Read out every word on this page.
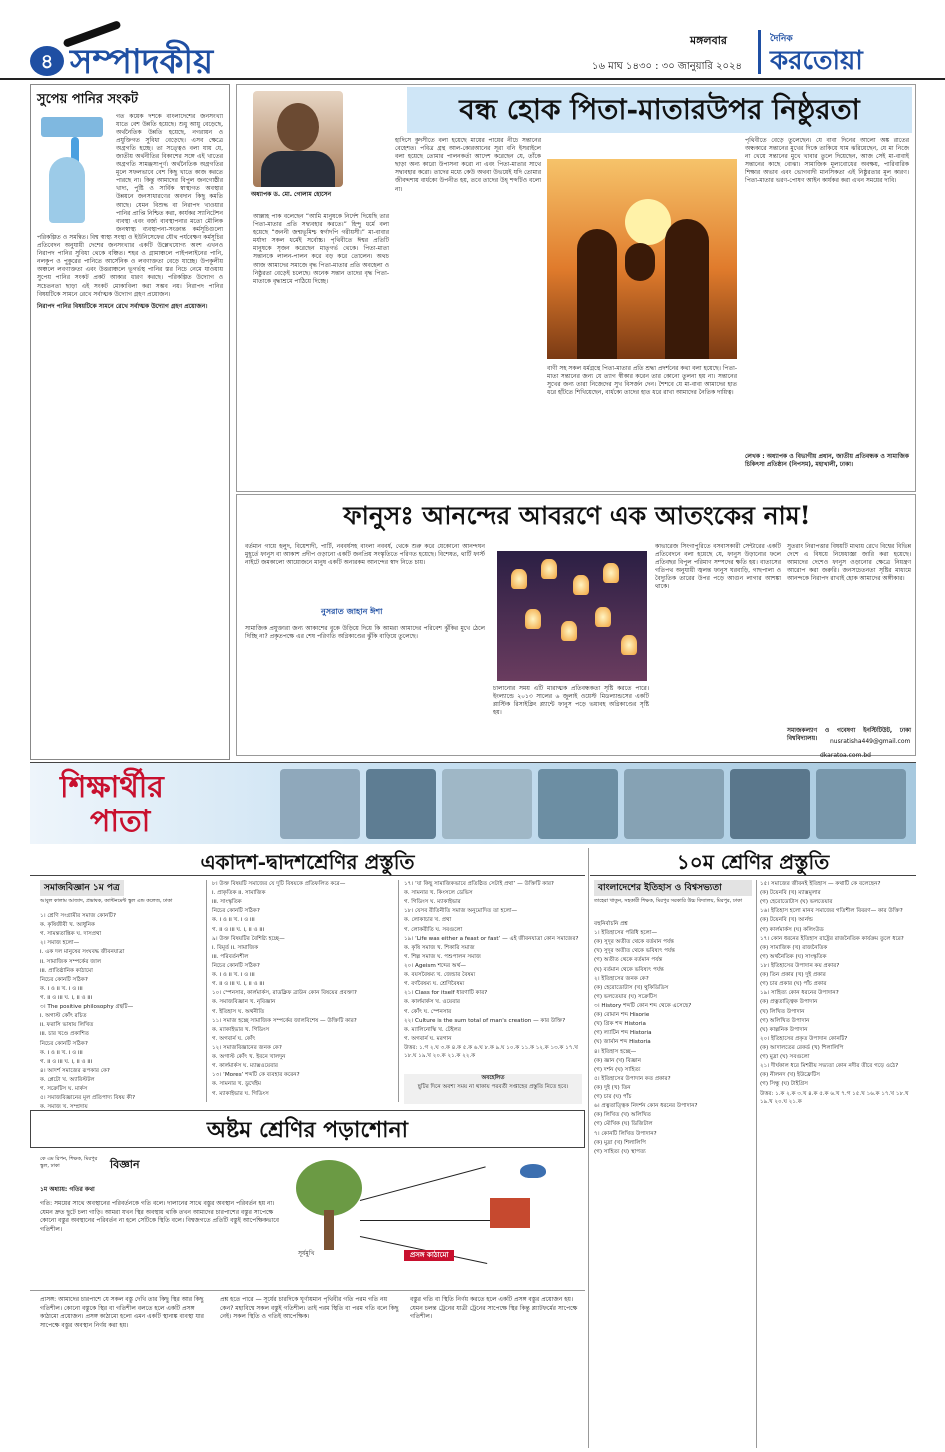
৪ সম্পাদকীয়
মঙ্গলবার
১৬ মাঘ ১৪৩০ : ৩০ জানুয়ারি ২০২৪
দৈনিক
করতোয়া
সুপেয় পানির সংকট
গত কয়েক দশকে বাংলাদেশের জনসংখ্যা যাতে বেশ উন্নতি হয়েছে। শুধু আয়ু বেড়েছে, অর্থনৈতিক উন্নতি হয়েছে, নগরায়ন ও প্রযুক্তিগত সুবিধা বেড়েছে। এসব ক্ষেত্রে অগ্রগতি হচ্ছে। তা সত্ত্বেও বলা যায় যে, জাতীয় অর্থনীতির বিকাশের সঙ্গে এই খাতের অগ্রগতি সামঞ্জস্যপূর্ণ। অর্থনৈতিক অগ্রগতির মূলে সফলভাবে বেশ কিছু খাতে কাজ করতে পারছে না। কিন্তু আমাদের বিপুল জনগোষ্ঠীর খাদ্য, পুষ্টি ও সার্বিক স্বাস্থ্যগত অবস্থার উন্নয়নে জনসাধারণের অবদান কিছু কমতি আছে। যেমন বিশুদ্ধ বা নিরাপদ খাওয়ার পানির প্রাপ্তি নিশ্চিত করা, কার্যকর স্যানিটেশন ব্যবস্থা এবং বর্জ্য ব্যবস্থাপনার মতো মৌলিক জনস্বাস্থ্য ব্যবস্থাপনা-সংক্রান্ত কর্মসূচিগুলো পরিকল্পিত ও সমন্বিত। বিশ্ব স্বাস্থ্য সংস্থা ও ইউনিসেফের যৌথ পর্যবেক্ষণ কর্মসূচির প্রতিবেদন অনুযায়ী দেশের জনসংখ্যার একটি উল্লেখযোগ্য অংশ এখনও নিরাপদ পানির সুবিধা থেকে বঞ্চিত। শহর ও গ্রামাঞ্চলে পাইপলাইনের পানি, নলকূপ ও পুকুরের পানিতে আর্সেনিক ও লবণাক্ততা বেড়ে যাচ্ছে। উপকূলীয় অঞ্চলে লবণাক্ততা এবং উত্তরাঞ্চলে ভূগর্ভস্থ পানির স্তর নিচে নেমে যাওয়ায় সুপেয় পানির সংকট প্রকট আকার ধারণ করছে। পরিকল্পিত উদ্যোগ ও সচেতনতা ছাড়া এই সংকট মোকাবিলা করা সম্ভব নয়। নিরাপদ পানির বিষয়টিকে সামনে রেখে সর্বাত্মক উদ্যোগ গ্রহণ প্রয়োজন।
নিরাপদ পানির বিষয়টিকে সামনে রেখে সর্বাত্মক উদ্যোগ গ্রহণ প্রয়োজন।
অধ্যাপক ড. মো. গোলাম হোসেন
বন্ধ হোক পিতা-মাতারউপর নিষ্ঠুরতা
আল্লাহ পাক বলেছেন “আমি মানুষকে নির্দেশ দিয়েছি তার পিতা-মাতার প্রতি সদ্ব্যবহার করতে।” হিন্দু ধর্মে বলা হয়েছে “জননী জন্মভূমিশ্চ স্বর্গাদপি গরীয়সী।” মা-বাবার মর্যাদা সকল ধর্মেই সর্বোচ্চ। পৃথিবীতে ঈশ্বর প্রতিটি মানুষকে সৃজন করেছেন মাতৃগর্ভ থেকে। পিতা-মাতা সন্তানকে লালন-পালন করে বড় করে তোলেন। অথচ আজ আমাদের সমাজে বৃদ্ধ পিতা-মাতার প্রতি অবহেলা ও নিষ্ঠুরতা বেড়েই চলেছে। অনেক সন্তান তাদের বৃদ্ধ পিতা-মাতাকে বৃদ্ধাশ্রমে পাঠিয়ে দিচ্ছে।
হাদিসে কুদসীতে বলা হয়েছে মায়ের পায়ের নীচে সন্তানের বেহেশত। পবিত্র গ্রন্থ আল-কোরআনের সূরা বনি ইসরাইলে বলা হয়েছে তোমার পালনকর্তা আদেশ করেছেন যে, তাঁকে ছাড়া অন্য কারো উপাসনা করো না এবং পিতা-মাতার সাথে সদ্ব্যবহার করো। তাদের মধ্যে কেউ অথবা উভয়েই যদি তোমার জীবদ্দশায় বার্ধক্যে উপনীত হয়, তবে তাদের উহ্ শব্দটিও বলো না।
বাণী সহ সকল ধর্মগ্রন্থে পিতা-মাতার প্রতি শ্রদ্ধা প্রদর্শনের কথা বলা হয়েছে। পিতা-মাতা সন্তানের জন্য যে ত্যাগ স্বীকার করেন তার কোনো তুলনা হয় না। সন্তানের সুখের জন্য তারা নিজেদের সুখ বিসর্জন দেন। শৈশবে যে মা-বাবা আমাদের হাত ধরে হাঁটতে শিখিয়েছেন, বার্ধক্যে তাদের হাত ধরে রাখা আমাদের নৈতিক দায়িত্ব।
পৃথিবীতে বেড়ে তুলেছেন। যে বাবা দিনের আলো অঙ্ক রাতের অন্ধকারে সন্তানের মুখের দিকে তাকিয়ে ঘাম ঝরিয়েছেন, যে মা নিজে না খেয়ে সন্তানের মুখে খাবার তুলে দিয়েছেন, আজ সেই মা-বাবাই সন্তানের কাছে বোঝা। সামাজিক মূল্যবোধের অবক্ষয়, পারিবারিক শিক্ষার অভাব এবং ভোগবাদী মানসিকতা এই নিষ্ঠুরতার মূল কারণ। পিতা-মাতার ভরণ-পোষণ আইন কার্যকর করা এখন সময়ের দাবি।
লেখক : অধ্যাপক ও বিভাগীয় প্রধান, জাতীয় প্রতিবন্ধক ও সামাজিক চিকিৎসা প্রতিষ্ঠান (নিপসম), মহাখালী, ঢাকা।
ফানুসঃ আনন্দের আবরণে এক আতংকের নাম!
বর্তমান গায়ে হলুদ, বিয়েশাদী, পার্টি, নববর্ষসহ বাংলা নববর্ষ, থেকে শুরু করে যেকোনো আনন্দঘন মুহূর্তে ফানুস বা আকাশ প্রদীপ ওড়ানো একটি জনপ্রিয় সংস্কৃতিতে পরিণত হয়েছে। বিশেষত, থার্টি ফার্স্ট নাইটে জমকালো আয়োজনে মানুষ একটি অন্যরকম আনন্দের স্বাদ নিতে চায়।
নুসরাত জাহান ঈশা
সামাজিক প্রযুক্তারা জন্য আকাশের বুকে উড়িয়ে দিয়ে কি আমরা আমাদের পরিবেশ ঝুঁকির মুখে ঠেলে দিচ্ছি না? প্রকৃতপক্ষে এর শেষ পরিণতি অগ্নিকাণ্ডের ঝুঁকি বাড়িয়ে তুলেছে।
চালানোর সময় এটি মারাত্মক প্রতিবন্ধকতা সৃষ্টি করতে পারে। ইংল্যান্ডে ২০১৩ সালের ৬ জুলাই ওয়েস্ট মিডল্যান্ডসের একটি প্লাস্টিক রিসাইক্লিং প্ল্যান্টে ফানুস পড়ে ভয়াবহ অগ্নিকাণ্ডের সৃষ্টি হয়।
কাভারেজ সিংগাপুরিতে বসবাসকারী সেন্টারের একটি প্রতিবেদনে বলা হয়েছে যে, ফানুস উড়ানোর ফলে প্রতিবছর বিপুল পরিমাণ সম্পদের ক্ষতি হয়। বাতাসের গতিপথ অনুযায়ী জ্বলন্ত ফানুস ঘরবাড়ি, গাছপালা ও বৈদ্যুতিক তারের উপর পড়ে আগুন লাগার আশঙ্কা থাকে।
সুতরাং নিরাপত্তার বিষয়টি মাথায় রেখে বিশ্বের বিভিন্ন দেশে এ বিষয়ে নিষেধাজ্ঞা জারি করা হয়েছে। আমাদের দেশেও ফানুস ওড়ানোর ক্ষেত্রে নিয়ন্ত্রণ আরোপ করা জরুরি। জনসচেতনতা সৃষ্টির মাধ্যমে আনন্দকে নিরাপদ রাখাই হোক আমাদের অঙ্গীকার।
সমাজকল্যাণ ও গবেষণা ইনস্টিটিউট, ঢাকা বিশ্ববিদ্যালয়।	nusratisha449@gmail.com
dkaratoa.com.bd
শিক্ষার্থীর
পাতা
একাদশ-দ্বাদশশ্রেণির প্রস্তুতি
সমাজবিজ্ঞান ১ম পত্র
আবুল কালাম আজাদ, প্রভাষক, ক্যান্টনমেন্ট স্কুল এন্ড কলেজ, ঢাকা

১। শ্রেণি সংগ্রামীর সমাজ কোনটি?

ক. কৃষিজীবী খ. আধুনিক

গ. সামন্ততান্ত্রিক ঘ. দাসপ্রথা

২। সমাজ হলো—

i. এক দল মানুষের সংঘবদ্ধ জীবনযাত্রা

ii. সামাজিক সম্পর্কের জাল

iii. প্রাতিষ্ঠানিক কাঠামো

নিচের কোনটি সঠিক?

ক. i ও ii খ. i ও iii

গ. ii ও iii ঘ. i, ii ও iii

৩। The positive philosophy গ্রন্থটি—

i. অগাস্ট কোঁৎ রচিত

ii. ফরাসি ভাষায় লিখিত

iii. চার খণ্ডে প্রকাশিত

নিচের কোনটি সঠিক?

ক. i ও ii খ. i ও iii

গ. ii ও iii ঘ. i, ii ও iii

৪। আদর্শ সমাজের রূপকার কে?

ক. প্লেটো খ. অ্যারিস্টটল

গ. সক্রেটিস ঘ. মার্কস

৫। সমাজবিজ্ঞানের মূল প্রতিপাদ্য বিষয় কী?

ক. সমাজ খ. সম্প্রদায়

৮। উক্ত বিষয়টি সমাজের যে দুটি বিষয়কে প্রতিফলিত করে—

i. প্রাকৃতিক ii. সামাজিক

iii. সাংস্কৃতিক

নিচের কোনটি সঠিক?

ক. i ও ii খ. i ও iii

গ. ii ও iii ঘ. i, ii ও iii

৯। উক্ত বিষয়টির বৈশিষ্ট্য হচ্ছে—

i. বিমূর্ত ii. সামাজিক

iii. পরিবর্তনশীল

নিচের কোনটি সঠিক?

ক. i ও ii খ. i ও iii

গ. ii ও iii ঘ. i, ii ও iii

১০। স্পেনসার, কার্লমার্কস, রাডক্লিফ ব্রাউন কোন বিষয়ের প্রবক্তা?

ক. সমাজবিজ্ঞান খ. নৃবিজ্ঞান

গ. ইতিহাস ঘ. অর্থনীতি

১১। সমাজ হচ্ছে সামাজিক সম্পর্কের জালবিশেষ — উক্তিটি কার?

ক. ম্যাকাইভার খ. গিডিংস

গ. অগবার্ন ঘ. কোঁৎ

১২। সমাজবিজ্ঞানের জনক কে?

ক. অগাস্ট কোঁৎ খ. ইবনে খালদুন

গ. কার্লমার্কস ঘ. ম্যাক্সওয়েবার

১৩। ‘Mores’ শব্দটি কে ব্যবহার করেন?

ক. সামনার খ. ডুর্খেইম

গ. ম্যাকাইভার ঘ. গিডিংস

১৭। ‘যা কিছু সামাজিকভাবে প্রতিষ্ঠিত সেটাই প্রথা’ — উক্তিটি কার?

ক. সামনার খ. কিংসলে ডেভিস

গ. গিডিংস ঘ. ম্যাকাইভার

১৮। যেসব রীতিনীতি সমাজ অনুমোদিত তা হলো—

ক. লোকাচার খ. প্রথা

গ. লোকরীতি ঘ. সবগুলো

১৯। ‘Life was either a feast or fast’ — এই জীবনযাত্রা কোন সমাজের?

ক. কৃষি সমাজ খ. শিকারি সমাজ

গ. শিল্প সমাজ ঘ. পশুপালন সমাজ

২০। Ageism শব্দের অর্থ—

ক. বয়সবৈষম্য খ. জেন্ডার বৈষম্য

গ. বর্ণবৈষম্য ঘ. শ্রেণিবৈষম্য

২১। Class for itself ধারণাটি কার?

ক. কার্লমার্কস খ. ওয়েবার

গ. কোঁৎ ঘ. স্পেনসার

২২। Culture is the sum total of man's creation — কার উক্তি?

ক. ম্যালিনোস্কি খ. টেইলর

গ. অগবার্ন ঘ. মরগান

উত্তর: ১.গ ২.ঘ ৩.ক ৪.ক ৫.ক ৬.ঘ ৮.ক ৯.ঘ ১০.ক ১১.ক ১২.ক ১৩.ক ১৭.খ ১৮.ঘ ১৯.খ ২০.ক ২১.ক ২২.ক

অবহেলিত

ছুটির দিনে অবশ্য সময় না থাকায় পরবর্তী সপ্তাহের প্রস্তুতি নিতে হবে।

১০ম শ্রেণির প্রস্তুতি
বাংলাদেশের ইতিহাস ও বিশ্বসভ্যতা
তাহেরা খাতুন, সহকারী শিক্ষক, মিরপুর সরকারি উচ্চ বিদ্যালয়, মিরপুর, ঢাকা

বহুনির্বাচনি প্রশ্ন

১। ইতিহাসের পরিধি হলো—

(ক) সুদূর অতীত থেকে বর্তমান পর্যন্ত

(খ) সুদূর অতীত থেকে ভবিষ্যৎ পর্যন্ত

(গ) অতীত থেকে বর্তমান পর্যন্ত

(ঘ) বর্তমান থেকে ভবিষ্যৎ পর্যন্ত

২। ইতিহাসের জনক কে?

(ক) হেরোডোটাস (খ) থুকিডিডিস

(গ) ভলতেয়ার (ঘ) সক্রেটিস

৩। History শব্দটি কোন শব্দ থেকে এসেছে?

(ক) রোমান শব্দ Hisorie

(খ) গ্রিক শব্দ Historia

(গ) ল্যাটিন শব্দ Historia

(ঘ) জার্মান শব্দ Historia

৪। ইতিহাস হচ্ছে—

(ক) জ্ঞান (খ) বিজ্ঞান

(গ) দর্শন (ঘ) সাহিত্য

৫। ইতিহাসের উপাদান কত প্রকার?

(ক) দুই (খ) তিন

(গ) চার (ঘ) পাঁচ

৬। প্রত্নতাত্ত্বিক নিদর্শন কোন ধরনের উপাদান?

(ক) লিখিত (খ) অলিখিত

(গ) মৌখিক (ঘ) ডিজিটাল

৭। কোনটি লিখিত উপাদান?

(ক) মুদ্রা (খ) শিলালিপি

(গ) সাহিত্য (ঘ) স্থাপত্য

১৫। সমাজের জীবনই ইতিহাস — কথাটি কে বলেছেন?

(ক) টয়েনবি (খ) ম্যাক্সমুলার

(গ) হেরোডোটাস (ঘ) ভলতেয়ার

১৬। ইতিহাস হলো মানব সমাজের গতিশীল বিবরণ— কার উক্তি?

(ক) টয়েনবি (খ) আর্নল্ড

(গ) কার্লমার্কস (ঘ) কলিংউড

১৭। কোন ধরনের ইতিহাস রাষ্ট্রের রাজনৈতিক কার্যক্রম তুলে ধরে?

(ক) সামাজিক (খ) রাজনৈতিক

(গ) অর্থনৈতিক (ঘ) সাংস্কৃতিক

১৮। ইতিহাসের উপাদান কয় প্রকার?

(ক) তিন প্রকার (খ) দুই প্রকার

(গ) চার প্রকার (ঘ) পাঁচ প্রকার

১৯। সাহিত্য কোন ধরনের উপাদান?

(ক) প্রত্নতাত্ত্বিক উপাদান

(খ) লিখিত উপাদান

(গ) অলিখিত উপাদান

(ঘ) কাল্পনিক উপাদান

২০। ইতিহাসের প্রকৃত উপাদান কোনটি?

(ক) আদালতের রেকর্ড (খ) শিলালিপি

(গ) মুদ্রা (ঘ) সবগুলো

২১। দীর্ঘকাল ধরে মিশরীয় সভ্যতা কোন নদীর তীরে গড়ে ওঠে?

(ক) নীলনদ (খ) ইউফ্রেটিস

(গ) সিন্ধু (ঘ) টাইগ্রিস

উত্তর: ১.ক ২.ক ৩.খ ৪.ক ৫.ক ৬.খ ৭.গ ১৫.খ ১৬.ক ১৭.খ ১৮.খ ১৯.খ ২০.ঘ ২১.ক

অষ্টম শ্রেণির পড়াশোনা
কে এম রিপন, শিক্ষক, মিরপুর স্কুল, ঢাকা	বিজ্ঞান
১ম অধ্যায়: গতির কথা
গতি: সময়ের সাথে অবস্থানের পরিবর্তনকে গতি বলে। দালানের সাথে বস্তুর অবস্থান পরিবর্তন হয় না। যেমন দ্রুত ছুটে চলা গাড়ি। আমরা যখন স্থির অবস্থায় থাকি তখন আমাদের চারপাশের বস্তুর সাপেক্ষে কোনো বস্তুর অবস্থানের পরিবর্তন না হলে সেটিকে স্থিতি বলে। বিশ্বজগতে প্রতিটি বস্তুই আপেক্ষিকভাবে গতিশীল।
সূর্যমুখি	প্রসঙ্গ কাঠামো
প্রাসঙ্গ: আমাদের চারপাশে যে সকল বস্তু দেখি তার কিছু স্থির আর কিছু গতিশীল। কোনো বস্তুকে স্থির বা গতিশীল বলতে হলে একটি প্রসঙ্গ কাঠামো প্রয়োজন। প্রসঙ্গ কাঠামো হলো এমন একটি স্থানাঙ্ক ব্যবস্থা যার সাপেক্ষে বস্তুর অবস্থান নির্ণয় করা হয়।
প্রশ্ন হতে পারে — সূর্যের চারদিকে ঘূর্ণায়মান পৃথিবীর গতি পরম গতি নয় কেন? মহাবিশ্বে সকল বস্তুই গতিশীল। তাই পরম স্থিতি বা পরম গতি বলে কিছু নেই। সকল স্থিতি ও গতিই আপেক্ষিক।
বস্তুর গতি বা স্থিতি নির্ণয় করতে হলে একটি প্রসঙ্গ বস্তুর প্রয়োজন হয়। যেমন চলন্ত ট্রেনের যাত্রী ট্রেনের সাপেক্ষে স্থির কিন্তু প্ল্যাটফর্মের সাপেক্ষে গতিশীল।
